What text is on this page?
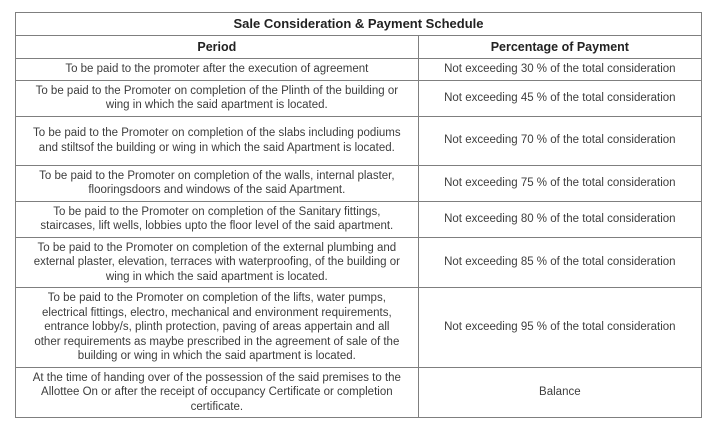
Sale Consideration & Payment Schedule	
Period	Percentage of Payment
To be paid to the promoter after the execution of agreement	Not exceeding 30 % of the total consideration
To be paid to the Promoter on completion of the Plinth of the building or wing in which the said apartment is located.	Not exceeding 45 % of the total consideration
To be paid to the Promoter on completion of the slabs including podiums and stiltsof the building or wing in which the said Apartment is located.	Not exceeding 70 % of the total consideration
To be paid to the Promoter on completion of the walls, internal plaster, flooringsdoors and windows of the said Apartment.	Not exceeding 75 % of the total consideration
To be paid to the Promoter on completion of the Sanitary fittings, staircases, lift wells, lobbies upto the floor level of the said apartment.	Not exceeding 80 % of the total consideration
To be paid to the Promoter on completion of the external plumbing and external plaster, elevation, terraces with waterproofing, of the building or wing in which the said apartment is located.	Not exceeding 85 % of the total consideration
To be paid to the Promoter on completion of the lifts, water pumps, electrical fittings, electro, mechanical and environment requirements, entrance lobby/s, plinth protection, paving of areas appertain and all other requirements as maybe prescribed in the agreement of sale of the building or wing in which the said apartment is located.	Not exceeding 95 % of the total consideration
At the time of handing over of the possession of the said premises to the Allottee On or after the receipt of occupancy Certificate or completion certificate.	Balance
